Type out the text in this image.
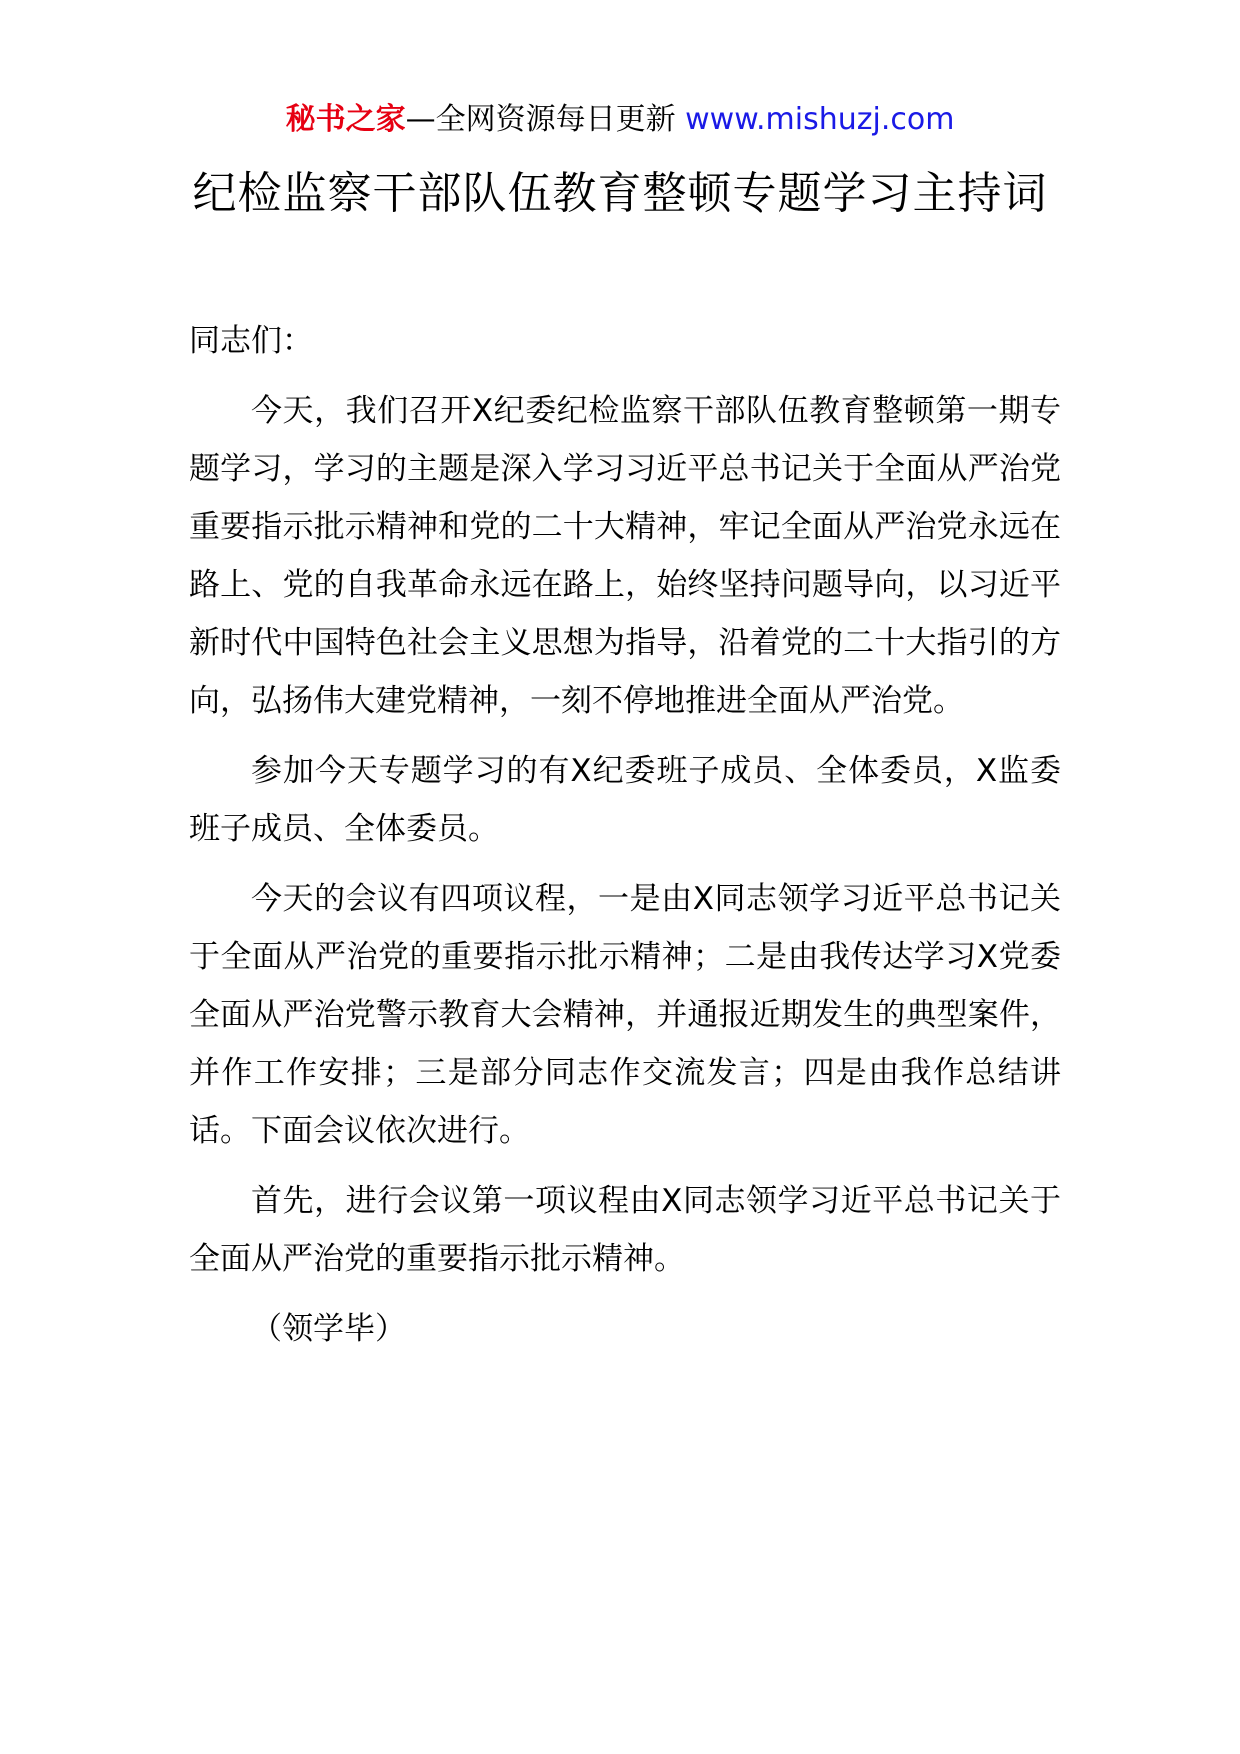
秘书之家—全网资源每日更新 www.mishuzj.com
纪检监察干部队伍教育整顿专题学习主持词

同志们：

今天，我们召开X纪委纪检监察干部队伍教育整顿第一期专题学习，学习的主题是深入学习习近平总书记关于全面从严治党重要指示批示精神和党的二十大精神，牢记全面从严治党永远在路上、党的自我革命永远在路上，始终坚持问题导向，以习近平新时代中国特色社会主义思想为指导，沿着党的二十大指引的方向，弘扬伟大建党精神，一刻不停地推进全面从严治党。

参加今天专题学习的有X纪委班子成员、全体委员，X监委班子成员、全体委员。

今天的会议有四项议程，一是由X同志领学习近平总书记关于全面从严治党的重要指示批示精神；二是由我传达学习X党委全面从严治党警示教育大会精神，并通报近期发生的典型案件，并作工作安排；三是部分同志作交流发言；四是由我作总结讲话。下面会议依次进行。

首先，进行会议第一项议程由X同志领学习近平总书记关于全面从严治党的重要指示批示精神。

（领学毕）
